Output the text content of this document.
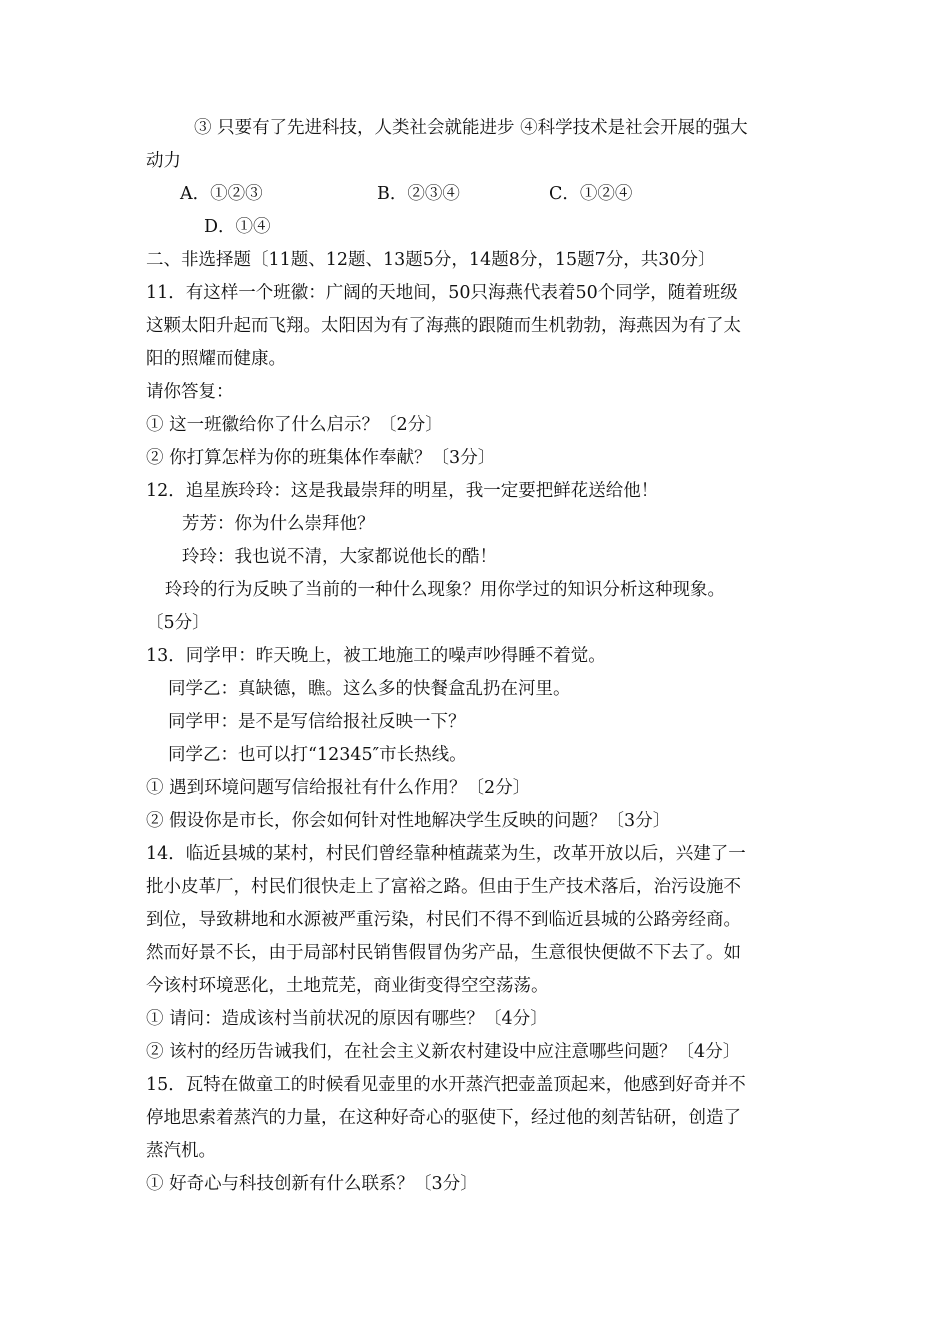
③ 只要有了先进科技，人类社会就能进步 ④科学技术是社会开展的强大
动力
A．①②③	B．②③④	C．①②④
D．①④
二、非选择题〔11题、12题、13题5分，14题8分，15题7分，共30分〕
11．有这样一个班徽：广阔的天地间，50只海燕代表着50个同学，随着班级
这颗太阳升起而飞翔。太阳因为有了海燕的跟随而生机勃勃，海燕因为有了太
阳的照耀而健康。
请你答复：
① 这一班徽给你了什么启示？〔2分〕
② 你打算怎样为你的班集体作奉献？〔3分〕
12．追星族玲玲：这是我最崇拜的明星，我一定要把鲜花送给他！
芳芳：你为什么崇拜他？
玲玲：我也说不清，大家都说他长的酷！
玲玲的行为反映了当前的一种什么现象？用你学过的知识分析这种现象。
〔5分〕
13．同学甲：昨天晚上，被工地施工的噪声吵得睡不着觉。
同学乙：真缺德，瞧。这么多的快餐盒乱扔在河里。
同学甲：是不是写信给报社反映一下？
同学乙：也可以打“12345″市长热线。
① 遇到环境问题写信给报社有什么作用？〔2分〕
② 假设你是市长，你会如何针对性地解决学生反映的问题？〔3分〕
14．临近县城的某村，村民们曾经靠种植蔬菜为生，改革开放以后，兴建了一
批小皮革厂，村民们很快走上了富裕之路。但由于生产技术落后，治污设施不
到位，导致耕地和水源被严重污染，村民们不得不到临近县城的公路旁经商。
然而好景不长，由于局部村民销售假冒伪劣产品，生意很快便做不下去了。如
今该村环境恶化，土地荒芜，商业街变得空空荡荡。
① 请问：造成该村当前状况的原因有哪些？〔4分〕
② 该村的经历告诫我们，在社会主义新农村建设中应注意哪些问题？〔4分〕
15．瓦特在做童工的时候看见壶里的水开蒸汽把壶盖顶起来，他感到好奇并不
停地思索着蒸汽的力量，在这种好奇心的驱使下，经过他的刻苦钻研，创造了
蒸汽机。
① 好奇心与科技创新有什么联系？〔3分〕
